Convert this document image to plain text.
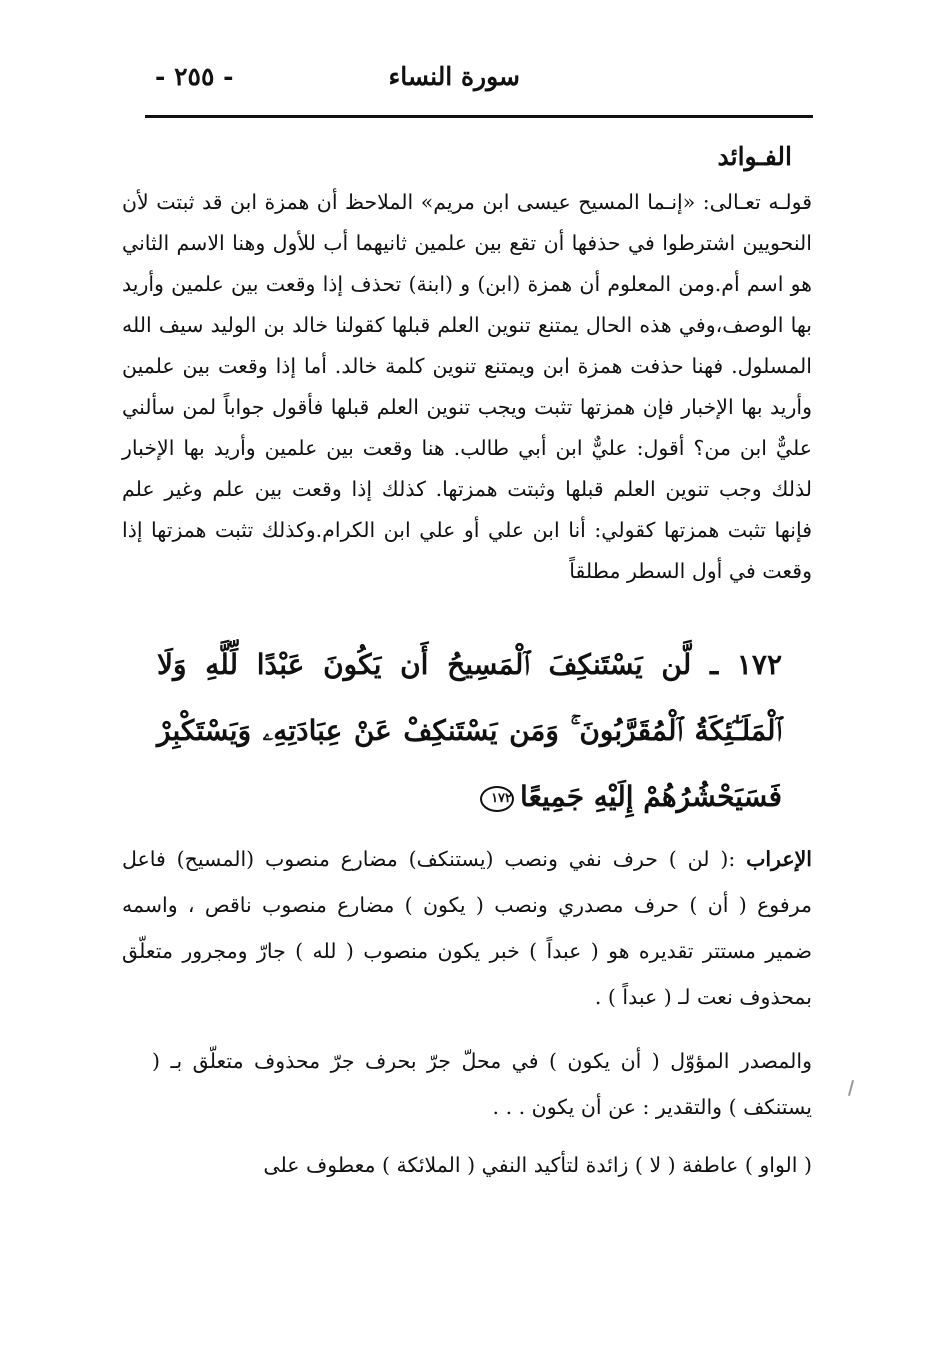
سورة النساء
- ٢٥٥ -
الفـوائد

قولـه تعـالى: «إنـما المسيح عيسى ابن مريم» الملاحظ أن همزة ابن قد ثبتت لأن النحويين اشترطوا في حذفها أن تقع بين علمين ثانيهما أب للأول وهنا الاسم الثاني هو اسم أم.ومن المعلوم أن همزة (ابن) و (ابنة) تحذف إذا وقعت بين علمين وأريد بها الوصف،وفي هذه الحال يمتنع تنوين العلم قبلها كقولنا خالد بن الوليد سيف الله المسلول. فهنا حذفت همزة ابن ويمتنع تنوين كلمة خالد. أما إذا وقعت بين علمين وأريد بها الإخبار فإن همزتها تثبت ويجب تنوين العلم قبلها فأقول جواباً لمن سألني عليٌّ ابن من؟ أقول: عليٌّ ابن أبي طالب. هنا وقعت بين علمين وأريد بها الإخبار لذلك وجب تنوين العلم قبلها وثبتت همزتها. كذلك إذا وقعت بين علم وغير علم فإنها تثبت همزتها كقولي: أنا ابن علي أو علي ابن الكرام.وكذلك تثبت همزتها إذا وقعت في أول السطر مطلقاً

١٧٢ ـ لَّن يَسْتَنكِفَ ٱلْمَسِيحُ أَن يَكُونَ عَبْدًا لِّلَّهِ وَلَا ٱلْمَلَـٰٓئِكَةُ ٱلْمُقَرَّبُونَ ۚ وَمَن يَسْتَنكِفْ عَنْ عِبَادَتِهِۦ وَيَسْتَكْبِرْ فَسَيَحْشُرُهُمْ إِلَيْهِ جَمِيعًا١٧٢

الإعراب :( لن ) حرف نفي ونصب (يستنكف) مضارع منصوب (المسيح) فاعل مرفوع ( أن ) حرف مصدري ونصب ( يكون ) مضارع منصوب ناقص ، واسمه ضمير مستتر تقديره هو ( عبداً ) خبر يكون منصوب ( لله ) جارّ ومجرور متعلّق بمحذوف نعت لـ ( عبداً ) .

والمصدر المؤوّل ( أن يكون ) في محلّ جرّ بحرف جرّ محذوف متعلّق بـ ( يستنكف ) والتقدير : عن أن يكون . . .

( الواو ) عاطفة ( لا ) زائدة لتأكيد النفي ( الملائكة ) معطوف على
